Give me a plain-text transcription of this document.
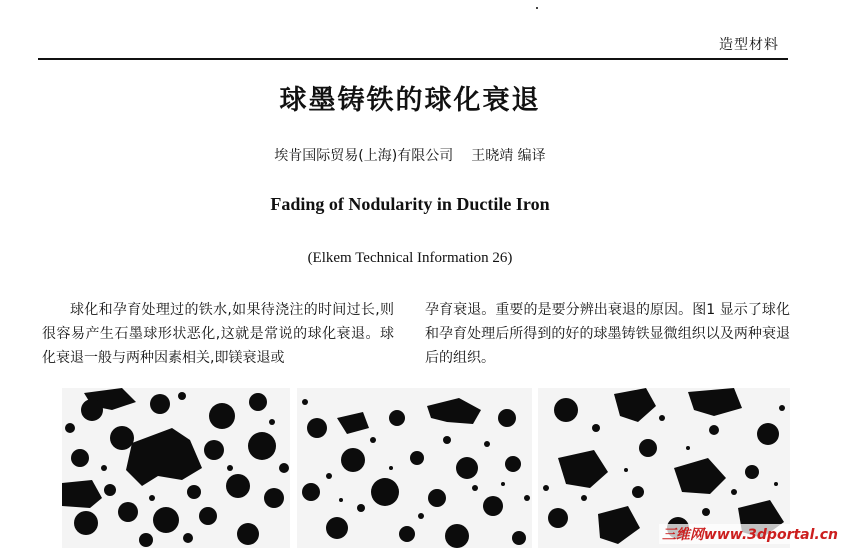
造型材料
球墨铸铁的球化衰退
埃肯国际贸易(上海)有限公司 王晓靖 编译
Fading of Nodularity in Ductile Iron
(Elkem Technical Information 26)
球化和孕育处理过的铁水,如果待浇注的时间过长,则很容易产生石墨球形状恶化,这就是常说的球化衰退。球化衰退一般与两种因素相关,即镁衰退或
孕育衰退。重要的是要分辨出衰退的原因。图1 显示了球化和孕育处理后所得到的好的球墨铸铁显微组织以及两种衰退后的组织。
三维网www.3dportal.cn
